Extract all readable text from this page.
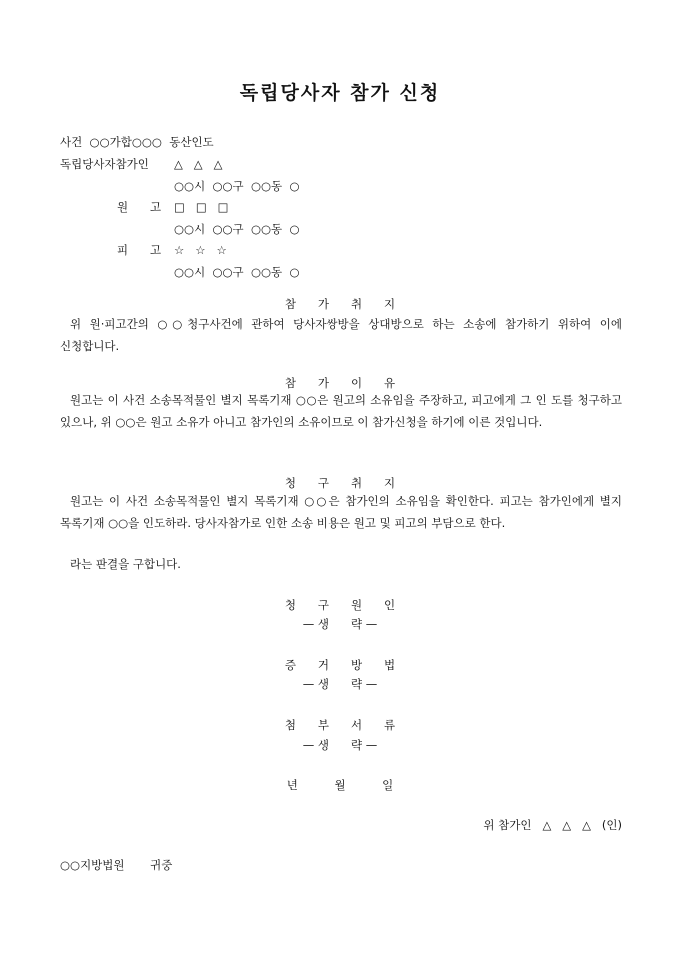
독립당사자 참가 신청
사건  ○○가합○○○  동산인도
독립당사자참가인 △   △   △
○○시  ○○구  ○○동  ○
원      고 □   □   □
○○시  ○○구  ○○동  ○
피      고 ☆   ☆   ☆
○○시  ○○구  ○○동  ○
참      가      취      지
위 원·피고간의 ○○청구사건에 관하여 당사자쌍방을 상대방으로 하는 소송에 참가하기 위하여 이에 신청합니다.
참      가      이      유
원고는 이 사건 소송목적물인 별지 목록기재 ○○은 원고의 소유임을 주장하고, 피고에게 그 인 도를 청구하고 있으나, 위 ○○은 원고 소유가 아니고 참가인의 소유이므로 이 참가신청을 하기에 이른 것입니다.
청      구      취      지
원고는 이 사건 소송목적물인 별지 목록기재 ○○은 참가인의 소유임을 확인한다. 피고는 참가인에게 별지 목록기재 ○○을 인도하라. 당사자참가로 인한 소송 비용은 원고 및 피고의 부담으로 한다.
라는 판결을 구합니다.
청      구      원      인
— 생      략 —
증      거      방      법
— 생      략 —
첨      부      서      류
— 생      략 —
년          월          일
위 참가인   △   △   △   (인)
○○지방법원       귀중
